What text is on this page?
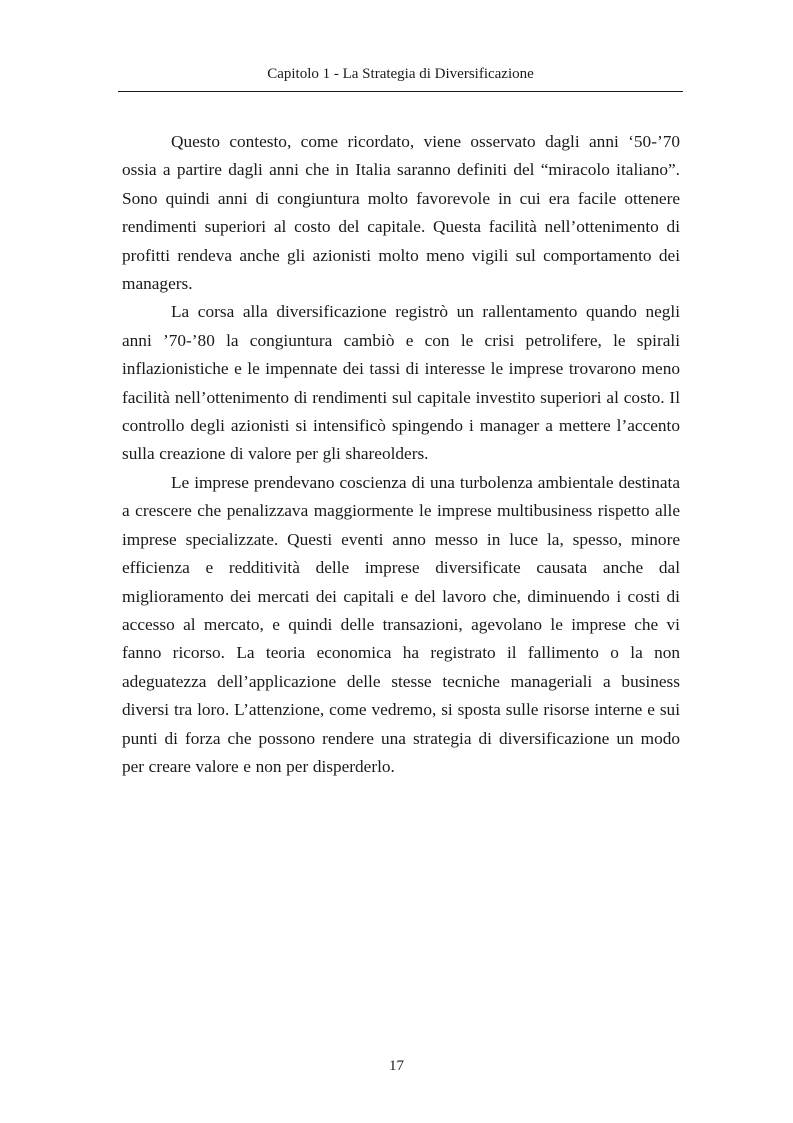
Capitolo 1 - La Strategia di Diversificazione

Questo contesto, come ricordato, viene osservato dagli anni ‘50-’70 ossia a partire dagli anni che in Italia saranno definiti del “miracolo italiano”. Sono quindi anni di congiuntura molto favorevole in cui era facile ottenere rendimenti superiori al costo del capitale. Questa facilità nell’ottenimento di profitti rendeva anche gli azionisti molto meno vigili sul comportamento dei managers.

La corsa alla diversificazione registrò un rallentamento quando negli anni ’70-’80 la congiuntura cambiò e con le crisi petrolifere, le spirali inflazionistiche e le impennate dei tassi di interesse le imprese trovarono meno facilità nell’ottenimento di rendimenti sul capitale investito superiori al costo. Il controllo degli azionisti si intensificò spingendo i manager a mettere l’accento sulla creazione di valore per gli shareolders.

Le imprese prendevano coscienza di una turbolenza ambientale destinata a crescere che penalizzava maggiormente le imprese multibusiness rispetto alle imprese specializzate. Questi eventi anno messo in luce la, spesso, minore efficienza e redditività delle imprese diversificate causata anche dal miglioramento dei mercati dei capitali e del lavoro che, diminuendo i costi di accesso al mercato, e quindi delle transazioni, agevolano le imprese che vi fanno ricorso. La teoria economica ha registrato il fallimento o la non adeguatezza dell’applicazione delle stesse tecniche manageriali a business diversi tra loro. L’attenzione, come vedremo, si sposta sulle risorse interne e sui punti di forza che possono rendere una strategia di diversificazione un modo per creare valore e non per disperderlo.

17
